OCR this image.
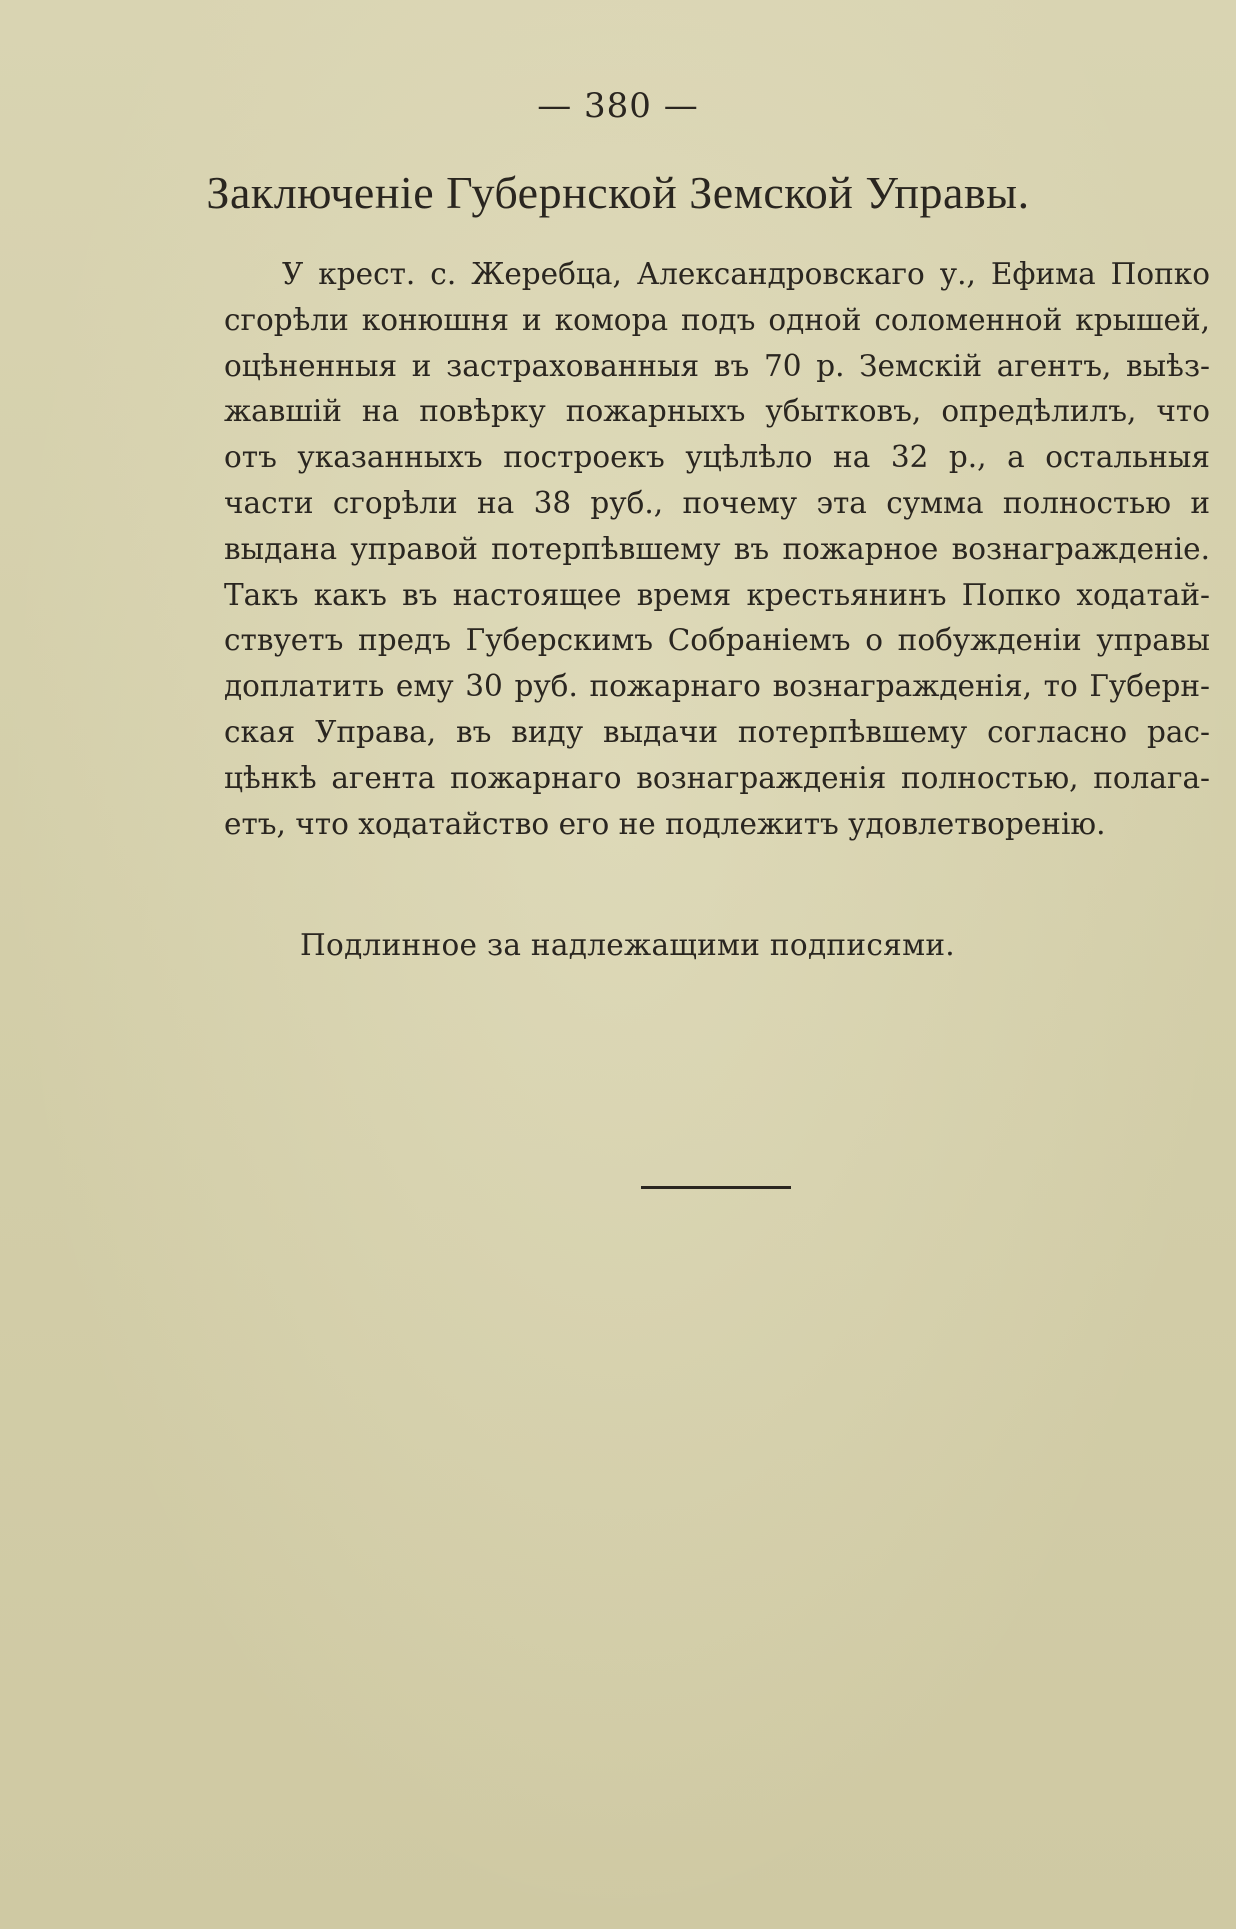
— 380 —
Заключенiе Губернской Земской Управы.
У крест. с. Жеребца, Александровскаго у., Ефима Попко
сгорѣли конюшня и комора подъ одной соломенной крышей,
оцѣненныя и застрахованныя въ 70 р. Земскiй агентъ, выѣз-
жавшiй на повѣрку пожарныхъ убытковъ, опредѣлилъ, что
отъ указанныхъ построекъ уцѣлѣло на 32 р., а остальныя
части сгорѣли на 38 руб., почему эта сумма полностью и
выдана управой потерпѣвшему въ пожарное вознагражденiе.
Такъ какъ въ настоящее время крестьянинъ Попко ходатай-
ствуетъ предъ Губерскимъ Собранiемъ о побужденiи управы
доплатить ему 30 руб. пожарнаго вознагражденiя, то Губерн-
ская Управа, въ виду выдачи потерпѣвшему согласно рас-
цѣнкѣ агента пожарнаго вознагражденiя полностью, полага-
етъ, что ходатайство его не подлежитъ удовлетворенiю.
Подлинное за надлежащими подписями.
